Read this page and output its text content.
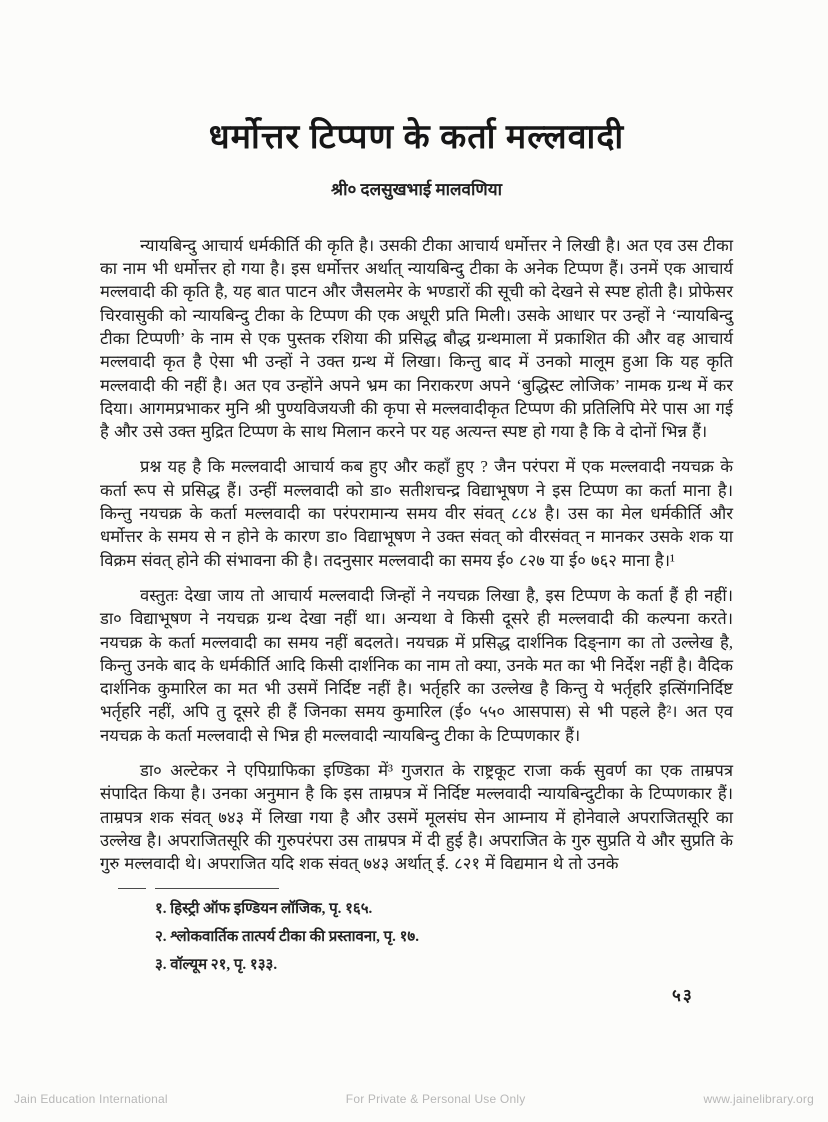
धर्मोत्तर टिप्पण के कर्ता मल्लवादी
श्री० दलसुखभाई मालवणिया

न्यायबिन्दु आचार्य धर्मकीर्ति की कृति है। उसकी टीका आचार्य धर्मोत्तर ने लिखी है। अत एव उस टीका का नाम भी धर्मोत्तर हो गया है। इस धर्मोत्तर अर्थात् न्यायबिन्दु टीका के अनेक टिप्पण हैं। उनमें एक आचार्य मल्लवादी की कृति है, यह बात पाटन और जैसलमेर के भण्डारों की सूची को देखने से स्पष्ट होती है। प्रोफेसर चिरवासुकी को न्यायबिन्दु टीका के टिप्पण की एक अधूरी प्रति मिली। उसके आधार पर उन्हों ने ‘न्यायबिन्दु टीका टिप्पणी’ के नाम से एक पुस्तक रशिया की प्रसिद्ध बौद्ध ग्रन्थमाला में प्रकाशित की और वह आचार्य मल्लवादी कृत है ऐसा भी उन्हों ने उक्त ग्रन्थ में लिखा। किन्तु बाद में उनको मालूम हुआ कि यह कृति मल्लवादी की नहीं है। अत एव उन्होंने अपने भ्रम का निराकरण अपने ‘बुद्धिस्ट लोजिक’ नामक ग्रन्थ में कर दिया। आगमप्रभाकर मुनि श्री पुण्यविजयजी की कृपा से मल्लवादीकृत टिप्पण की प्रतिलिपि मेरे पास आ गई है और उसे उक्त मुद्रित टिप्पण के साथ मिलान करने पर यह अत्यन्त स्पष्ट हो गया है कि वे दोनों भिन्न हैं।

प्रश्न यह है कि मल्लवादी आचार्य कब हुए और कहाँ हुए ? जैन परंपरा में एक मल्लवादी नयचक्र के कर्ता रूप से प्रसिद्ध हैं। उन्हीं मल्लवादी को डा० सतीशचन्द्र विद्याभूषण ने इस टिप्पण का कर्ता माना है। किन्तु नयचक्र के कर्ता मल्लवादी का परंपरामान्य समय वीर संवत् ८८४ है। उस का मेल धर्मकीर्ति और धर्मोत्तर के समय से न होने के कारण डा० विद्याभूषण ने उक्त संवत् को वीरसंवत् न मानकर उसके शक या विक्रम संवत् होने की संभावना की है। तदनुसार मल्लवादी का समय ई० ८२७ या ई० ७६२ माना है।¹

वस्तुतः देखा जाय तो आचार्य मल्लवादी जिन्हों ने नयचक्र लिखा है, इस टिप्पण के कर्ता हैं ही नहीं। डा० विद्याभूषण ने नयचक्र ग्रन्थ देखा नहीं था। अन्यथा वे किसी दूसरे ही मल्लवादी की कल्पना करते। नयचक्र के कर्ता मल्लवादी का समय नहीं बदलते। नयचक्र में प्रसिद्ध दार्शनिक दिङ्नाग का तो उल्लेख है, किन्तु उनके बाद के धर्मकीर्ति आदि किसी दार्शनिक का नाम तो क्या, उनके मत का भी निर्देश नहीं है। वैदिक दार्शनिक कुमारिल का मत भी उसमें निर्दिष्ट नहीं है। भर्तृहरि का उल्लेख है किन्तु ये भर्तृहरि इत्सिंगनिर्दिष्ट भर्तृहरि नहीं, अपि तु दूसरे ही हैं जिनका समय कुमारिल (ई० ५५० आसपास) से भी पहले है²। अत एव नयचक्र के कर्ता मल्लवादी से भिन्न ही मल्लवादी न्यायबिन्दु टीका के टिप्पणकार हैं।

डा० अल्टेकर ने एपिग्राफिका इण्डिका में³ गुजरात के राष्ट्रकूट राजा कर्क सुवर्ण का एक ताम्रपत्र संपादित किया है। उनका अनुमान है कि इस ताम्रपत्र में निर्दिष्ट मल्लवादी न्यायबिन्दुटीका के टिप्पणकार हैं। ताम्रपत्र शक संवत् ७४३ में लिखा गया है और उसमें मूलसंघ सेन आम्नाय में होनेवाले अपराजितसूरि का उल्लेख है। अपराजितसूरि की गुरुपरंपरा उस ताम्रपत्र में दी हुई है। अपराजित के गुरु सुप्रति ये और सुप्रति के गुरु मल्लवादी थे। अपराजित यदि शक संवत् ७४३ अर्थात् ई. ८२१ में विद्यमान थे तो उनके

१. हिस्ट्री ऑफ इण्डियन लॉजिक, पृ. १६५.
२. श्लोकवार्तिक तात्पर्य टीका की प्रस्तावना, पृ. १७.
३. वॉल्यूम २१, पृ. १३३.
५३
Jain Education International	For Private & Personal Use Only	www.jainelibrary.org
